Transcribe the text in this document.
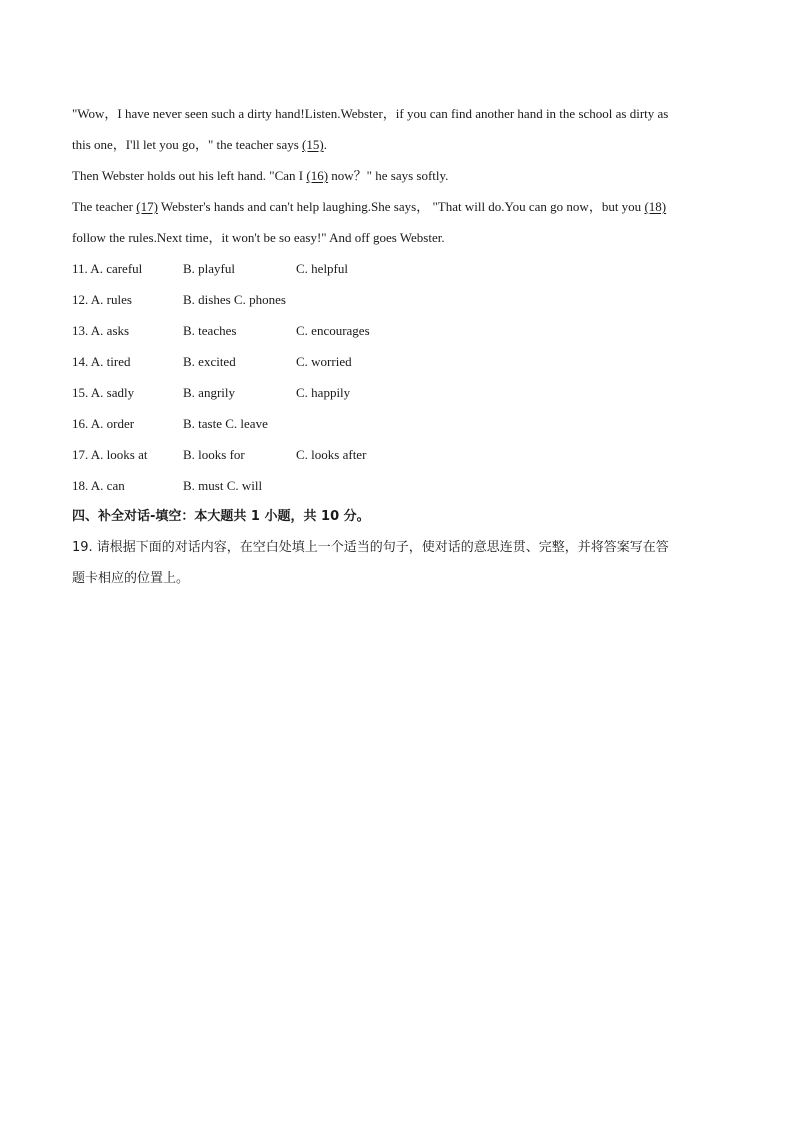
"Wow，I have never seen such a dirty hand!Listen.Webster，if you can find another hand in the school as dirty as
this one，I'll let you go，" the teacher says (15).
Then Webster holds out his left hand. "Can I (16) now？" he says softly.
The teacher (17) Webster's hands and can't help laughing.She says， "That will do.You can go now，but you (18)
follow the rules.Next time，it won't be so easy!" And off goes Webster.
11. A. careful	B. playful	C. helpful
12. A. rules	B. dishes C. phones
13. A. asks	B. teaches	C. encourages
14. A. tired	B. excited	C. worried
15. A. sadly	B. angrily	C. happily
16. A. order	B. taste C. leave
17. A. looks at	B. looks for	C. looks after
18. A. can	B. must C. will
四、补全对话-填空：本大题共 1 小题，共 10 分。
19. 请根据下面的对话内容，在空白处填上一个适当的句子，使对话的意思连贯、完整，并将答案写在答
题卡相应的位置上。
